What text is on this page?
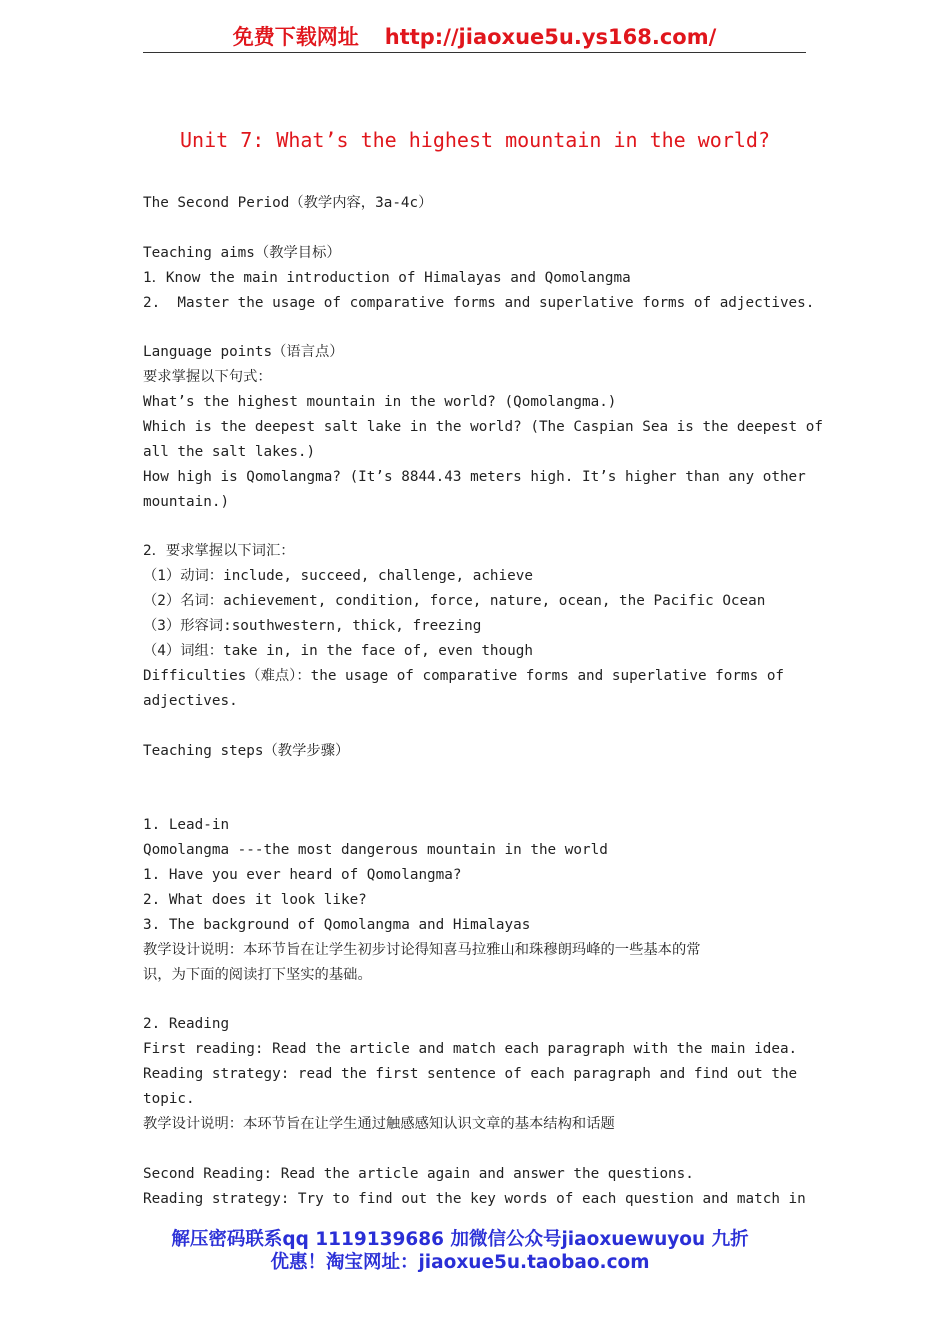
免费下载网址 http://jiaoxue5u.ys168.com/
Unit 7: What’s the highest mountain in the world?
The Second Period（教学内容，3a-4c）
Teaching aims（教学目标）
1．Know the main introduction of Himalayas and Qomolangma
2.  Master the usage of comparative forms and superlative forms of adjectives.
Language points（语言点）
要求掌握以下句式：
What’s the highest mountain in the world? (Qomolangma.)
Which is the deepest salt lake in the world? (The Caspian Sea is the deepest of
all the salt lakes.)
How high is Qomolangma? (It’s 8844.43 meters high. It’s higher than any other
mountain.)
2．要求掌握以下词汇：
（1）动词：include, succeed, challenge, achieve
（2）名词：achievement, condition, force, nature, ocean, the Pacific Ocean
（3）形容词:southwestern, thick, freezing
（4）词组：take in, in the face of, even though
Difficulties（难点）：the usage of comparative forms and superlative forms of
adjectives.
Teaching steps（教学步骤）
1. Lead-in
Qomolangma ---the most dangerous mountain in the world
1. Have you ever heard of Qomolangma?
2. What does it look like?
3. The background of Qomolangma and Himalayas
教学设计说明：本环节旨在让学生初步讨论得知喜马拉雅山和珠穆朗玛峰的一些基本的常
识，为下面的阅读打下坚实的基础。
2. Reading
First reading: Read the article and match each paragraph with the main idea.
Reading strategy: read the first sentence of each paragraph and find out the
topic.
教学设计说明：本环节旨在让学生通过触感感知认识文章的基本结构和话题
Second Reading: Read the article again and answer the questions.
Reading strategy: Try to find out the key words of each question and match in
解压密码联系qq 1119139686 加微信公众号jiaoxuewuyou 九折
优惠！淘宝网址：jiaoxue5u.taobao.com
